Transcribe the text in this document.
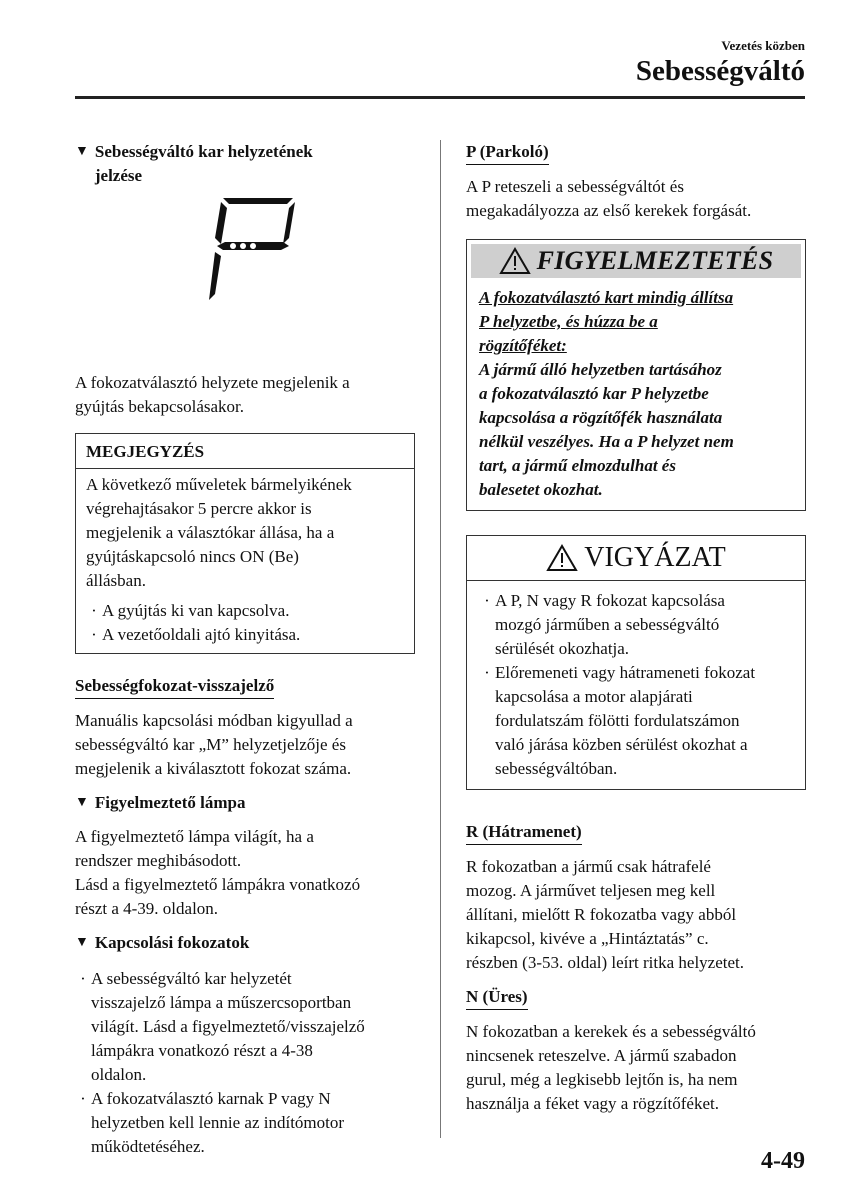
Vezetés közben
Sebességváltó
▼ Sebességváltó kar helyzetének
jelzése

A fokozatválasztó helyzete megjelenik a
gyújtás bekapcsolásakor.

MEGJEGYZÉS
A következő műveletek bármelyikének
végrehajtásakor 5 percre akkor is
megjelenik a választókar állása, ha a
gyújtáskapcsoló nincs ON (Be)
állásban.
· A gyújtás ki van kapcsolva.
· A vezetőoldali ajtó kinyitása.
Sebességfokozat-visszajelző

Manuális kapcsolási módban kigyullad a
sebességváltó kar „M” helyzetjelzője és
megjelenik a kiválasztott fokozat száma.

▼ Figyelmeztető lámpa

A figyelmeztető lámpa világít, ha a
rendszer meghibásodott.
Lásd a figyelmeztető lámpákra vonatkozó
részt a 4-39. oldalon.

▼ Kapcsolási fokozatok
· A sebességváltó kar helyzetét
visszajelző lámpa a műszercsoportban
világít. Lásd a figyelmeztető/visszajelző
lámpákra vonatkozó részt a 4-38
oldalon.
· A fokozatválasztó karnak P vagy N
helyzetben kell lennie az indítómotor
működtetéséhez.
P (Parkoló)

A P reteszeli a sebességváltót és
megakadályozza az első kerekek forgását.

FIGYELMEZTETÉS
A fokozatválasztó kart mindig állítsa
P helyzetbe, és húzza be a
rögzítőféket:
A jármű álló helyzetben tartásához
a fokozatválasztó kar P helyzetbe
kapcsolása a rögzítőfék használata
nélkül veszélyes. Ha a P helyzet nem
tart, a jármű elmozdulhat és
balesetet okozhat.
VIGYÁZAT
· A P, N vagy R fokozat kapcsolása
mozgó járműben a sebességváltó
sérülését okozhatja.
· Előremeneti vagy hátrameneti fokozat
kapcsolása a motor alapjárati
fordulatszám fölötti fordulatszámon
való járása közben sérülést okozhat a
sebességváltóban.
R (Hátramenet)

R fokozatban a jármű csak hátrafelé
mozog. A járművet teljesen meg kell
állítani, mielőtt R fokozatba vagy abból
kikapcsol, kivéve a „Hintáztatás” c.
részben (3-53. oldal) leírt ritka helyzetet.

N (Üres)

N fokozatban a kerekek és a sebességváltó
nincsenek reteszelve. A jármű szabadon
gurul, még a legkisebb lejtőn is, ha nem
használja a féket vagy a rögzítőféket.

4-49
